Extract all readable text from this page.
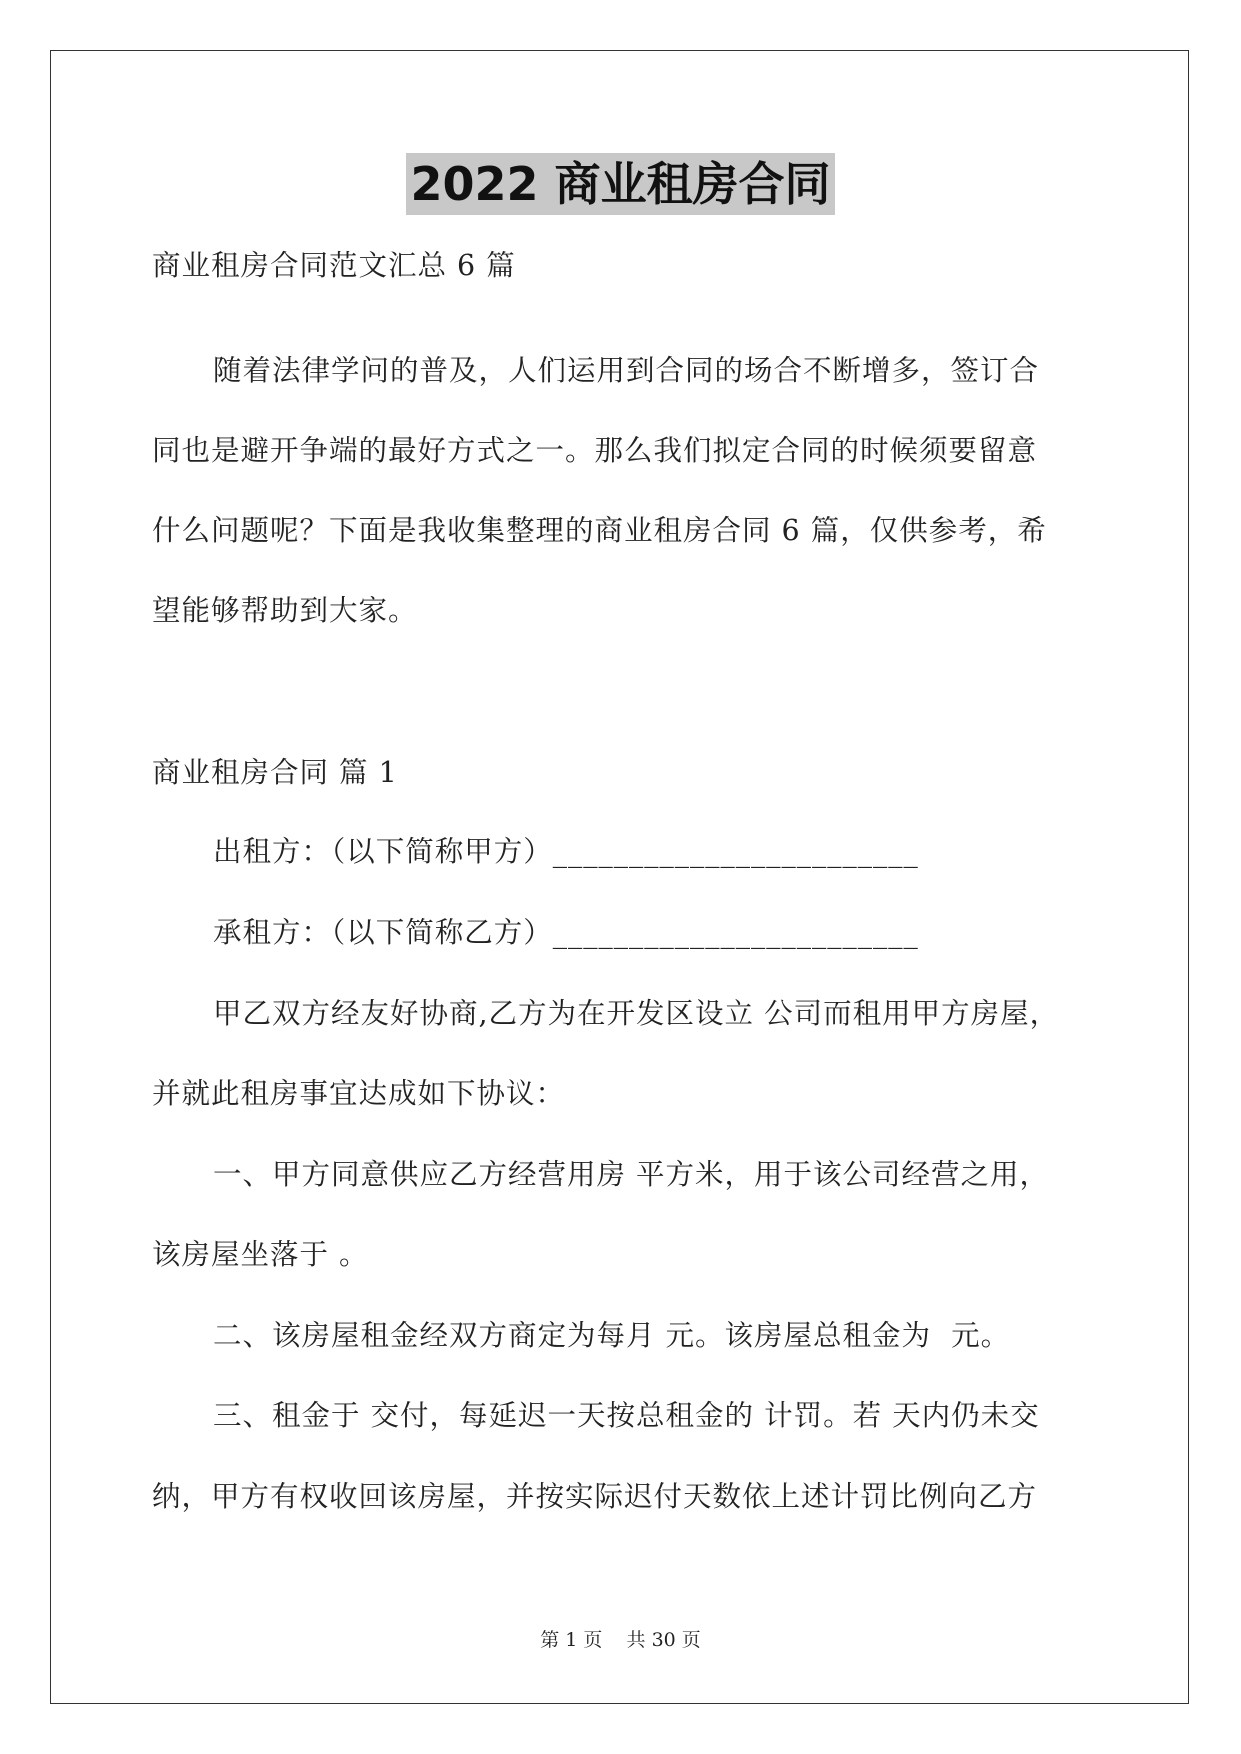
2022 商业租房合同
商业租房合同范文汇总 6 篇
随着法律学问的普及，人们运用到合同的场合不断增多，签订合
同也是避开争端的最好方式之一。那么我们拟定合同的时候须要留意
什么问题呢？下面是我收集整理的商业租房合同 6 篇，仅供参考，希
望能够帮助到大家。
商业租房合同 篇 1
出租方：（以下简称甲方）________________________
承租方：（以下简称乙方）________________________
甲乙双方经友好协商,乙方为在开发区设立 公司而租用甲方房屋，
并就此租房事宜达成如下协议：
一、甲方同意供应乙方经营用房 平方米，用于该公司经营之用，
该房屋坐落于 。
二、该房屋租金经双方商定为每月 元。该房屋总租金为  元。
三、租金于 交付，每延迟一天按总租金的 计罚。若 天内仍未交
纳，甲方有权收回该房屋，并按实际迟付天数依上述计罚比例向乙方
第 1 页 共 30 页
